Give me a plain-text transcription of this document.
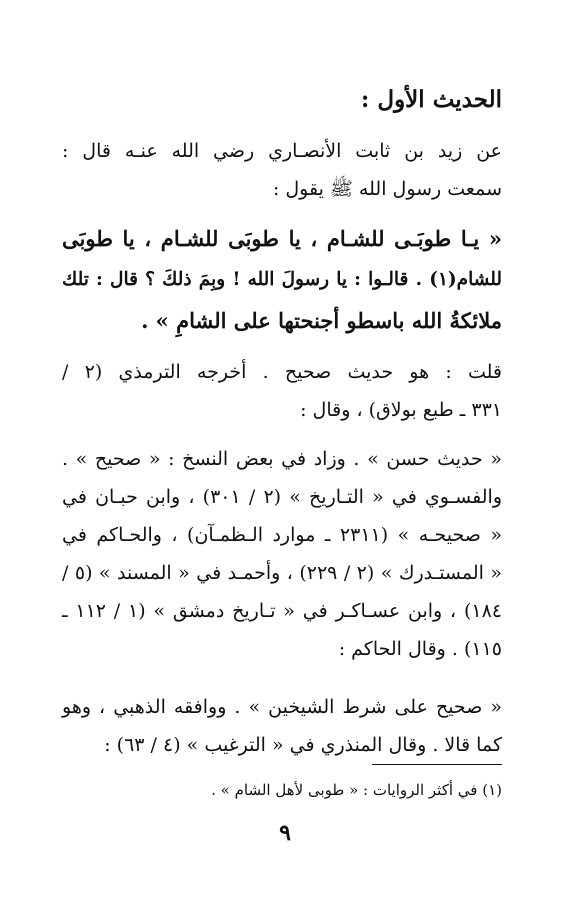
الحديث الأول :
عن زيد بن ثابت الأنصـاري رضي الله عنـه قال :
سمعت رسول الله ﷺ يقول :
« يـا طوبَـى للشـام ، يا طوبَى للشـام ، يا طوبَى
للشام(١) . قالـوا : يا رسولَ الله ! وبِمَ ذلكَ ؟ قال : تلك
ملائكةُ الله باسطو أجنحتها على الشامِ » .
قلت : هو حديث صحيح . أخرجه الترمذي (٢ /
٣٣١ ـ طبع بولاق) ، وقال :
« حديث حسن » . وزاد في بعض النسخ : « صحيح » .
والفسـوي في « التـاريخ » (٢ / ٣٠١) ، وابن حبـان في
« صحيحـه » (٢٣١١ ـ موارد الـظمـآن) ، والحـاكم في
« المستـدرك » (٢ / ٢٢٩) ، وأحمـد في « المسند » (٥ /
١٨٤) ، وابن عسـاكـر في « تـاريخ دمشق » (١ / ١١٢ ـ
١١٥) . وقال الحاكم :
« صحيح على شرط الشيخين » . ووافقه الذهبي ، وهو
كما قالا . وقال المنذري في « الترغيب » (٤ / ٦٣) :
(١) في أكثر الروايات : « طوبى لأهل الشام » .
٩
